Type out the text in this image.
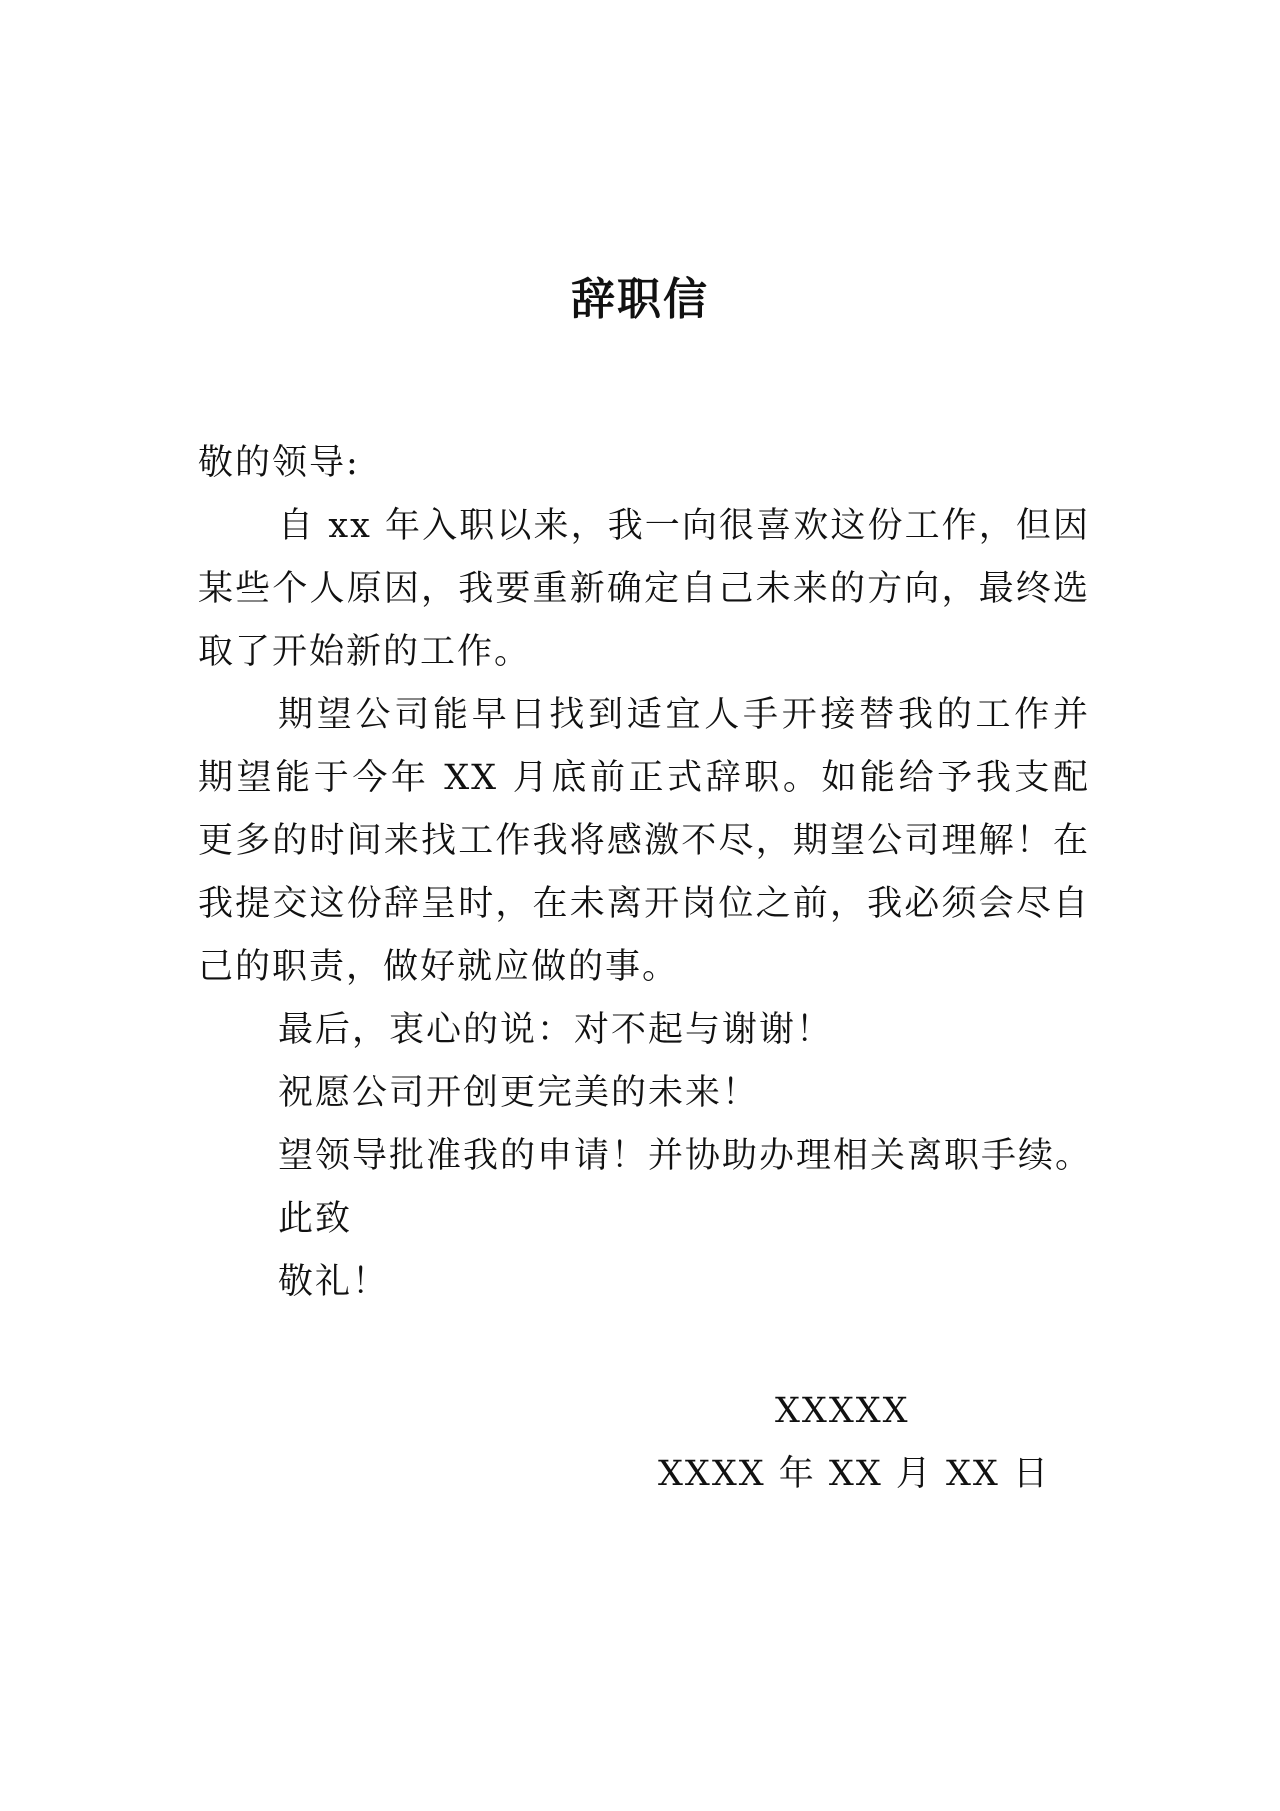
辞职信

敬的领导:

自 xx 年入职以来，我一向很喜欢这份工作，但因某些个人原因，我要重新确定自己未来的方向，最终选取了开始新的工作。

期望公司能早日找到适宜人手开接替我的工作并期望能于今年 XX 月底前正式辞职。如能给予我支配更多的时间来找工作我将感激不尽，期望公司理解！在我提交这份辞呈时，在未离开岗位之前，我必须会尽自己的职责，做好就应做的事。

最后，衷心的说：对不起与谢谢！

祝愿公司开创更完美的未来！

望领导批准我的申请！并协助办理相关离职手续。

此致

敬礼！

XXXXX
XXXX 年 XX 月 XX 日
